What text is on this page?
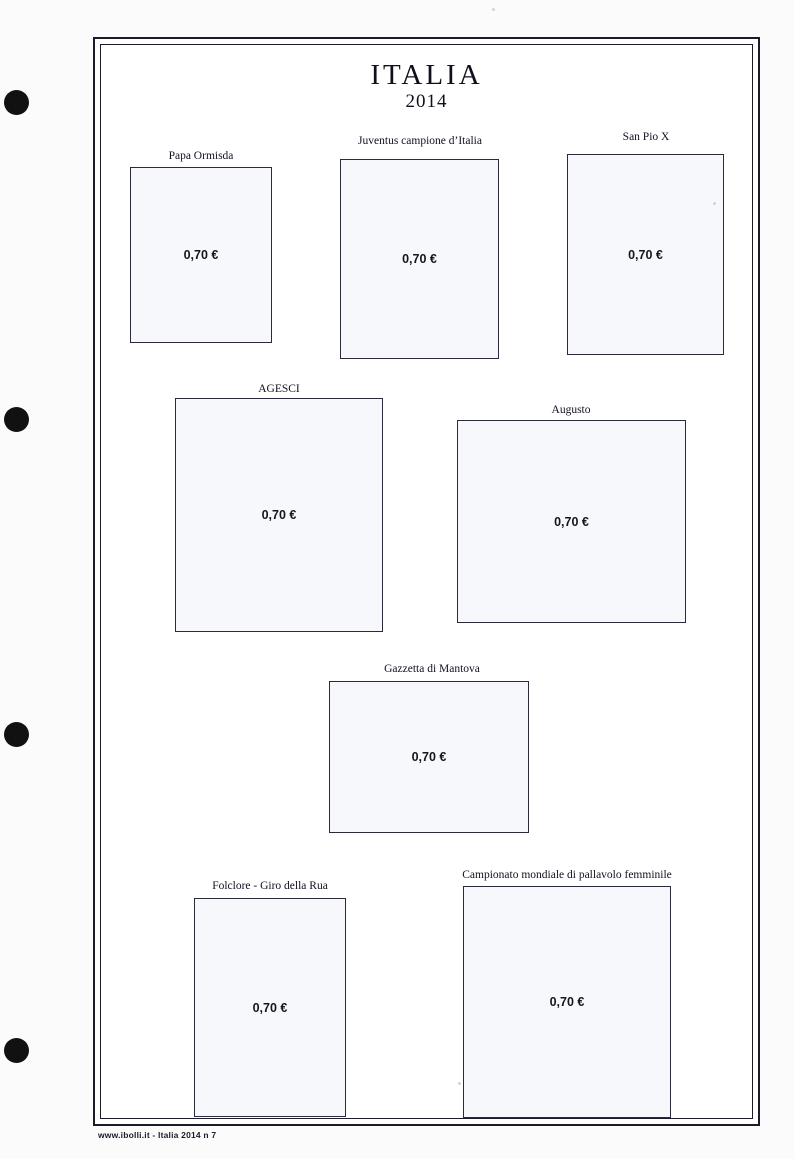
ITALIA
2014
Papa Ormisda
0,70 €
Juventus campione d’Italia
0,70 €
San Pio X
0,70 €
AGESCI
0,70 €
Augusto
0,70 €
Gazzetta di Mantova
0,70 €
Folclore - Giro della Rua
0,70 €
Campionato mondiale di pallavolo femminile
0,70 €
www.ibolli.it - Italia 2014 n 7
